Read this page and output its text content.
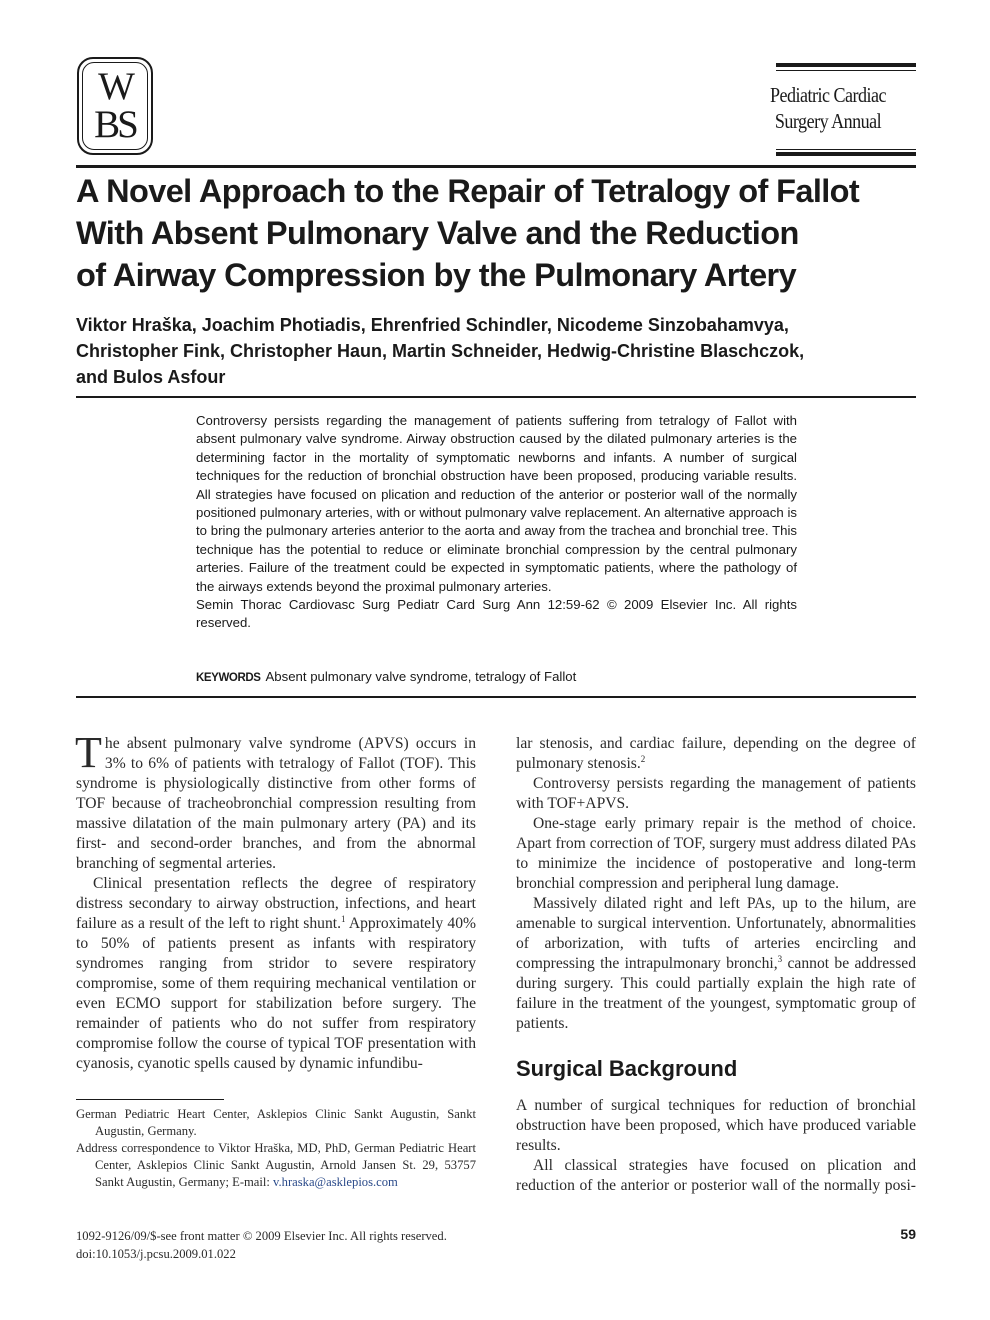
W
BS
Pediatric Cardiac
Surgery Annual
A Novel Approach to the Repair of Tetralogy of Fallot
With Absent Pulmonary Valve and the Reduction
of Airway Compression by the Pulmonary Artery
Viktor Hraška, Joachim Photiadis, Ehrenfried Schindler, Nicodeme Sinzobahamvya,
Christopher Fink, Christopher Haun, Martin Schneider, Hedwig-Christine Blaschczok,
and Bulos Asfour

Controversy persists regarding the management of patients suffering from tetralogy of Fallot with absent pulmonary valve syndrome. Airway obstruction caused by the dilated pulmonary arteries is the determining factor in the mortality of symptomatic newborns and infants. A number of surgical techniques for the reduction of bronchial obstruction have been proposed, producing variable results. All strategies have focused on plication and reduction of the anterior or posterior wall of the normally positioned pulmonary arteries, with or without pulmonary valve replacement. An alternative approach is to bring the pulmonary arteries anterior to the aorta and away from the trachea and bronchial tree. This technique has the potential to reduce or eliminate bronchial compression by the central pulmonary arteries. Failure of the treatment could be expected in symptomatic patients, where the pathology of the airways extends beyond the proximal pulmonary arteries.

Semin Thorac Cardiovasc Surg Pediatr Card Surg Ann 12:59-62 © 2009 Elsevier Inc. All rights reserved.

KEYWORDS Absent pulmonary valve syndrome, tetralogy of Fallot

The absent pulmonary valve syndrome (APVS) occurs in 3% to 6% of patients with tetralogy of Fallot (TOF). This syndrome is physiologically distinctive from other forms of TOF because of tracheobronchial compression resulting from massive dilatation of the main pulmonary artery (PA) and its first- and second-order branches, and from the abnormal branching of segmental arteries.

Clinical presentation reflects the degree of respiratory distress secondary to airway obstruction, infections, and heart failure as a result of the left to right shunt.$^1$ Approximately 40% to 50% of patients present as infants with respiratory syndromes ranging from stridor to severe respiratory compromise, some of them requiring mechanical ventilation or even ECMO support for stabilization before surgery. The remainder of patients who do not suffer from respiratory compromise follow the course of typical TOF presentation with cyanosis, cyanotic spells caused by dynamic infundibu-

German Pediatric Heart Center, Asklepios Clinic Sankt Augustin, Sankt Augustin, Germany.

Address correspondence to Viktor Hraška, MD, PhD, German Pediatric Heart Center, Asklepios Clinic Sankt Augustin, Arnold Jansen St. 29, 53757 Sankt Augustin, Germany; E-mail: v.hraska@asklepios.com

lar stenosis, and cardiac failure, depending on the degree of pulmonary stenosis.$^2$

Controversy persists regarding the management of patients with TOF+APVS.

One-stage early primary repair is the method of choice. Apart from correction of TOF, surgery must address dilated PAs to minimize the incidence of postoperative and long-term bronchial compression and peripheral lung damage.

Massively dilated right and left PAs, up to the hilum, are amenable to surgical intervention. Unfortunately, abnormalities of arborization, with tufts of arteries encircling and compressing the intrapulmonary bronchi,$^3$ cannot be addressed during surgery. This could partially explain the high rate of failure in the treatment of the youngest, symptomatic group of patients.

Surgical Background

A number of surgical techniques for reduction of bronchial obstruction have been proposed, which have produced variable results.

All classical strategies have focused on plication and reduction of the anterior or posterior wall of the normally posi-

1092-9126/09/$-see front matter © 2009 Elsevier Inc. All rights reserved.
doi:10.1053/j.pcsu.2009.01.022
59
